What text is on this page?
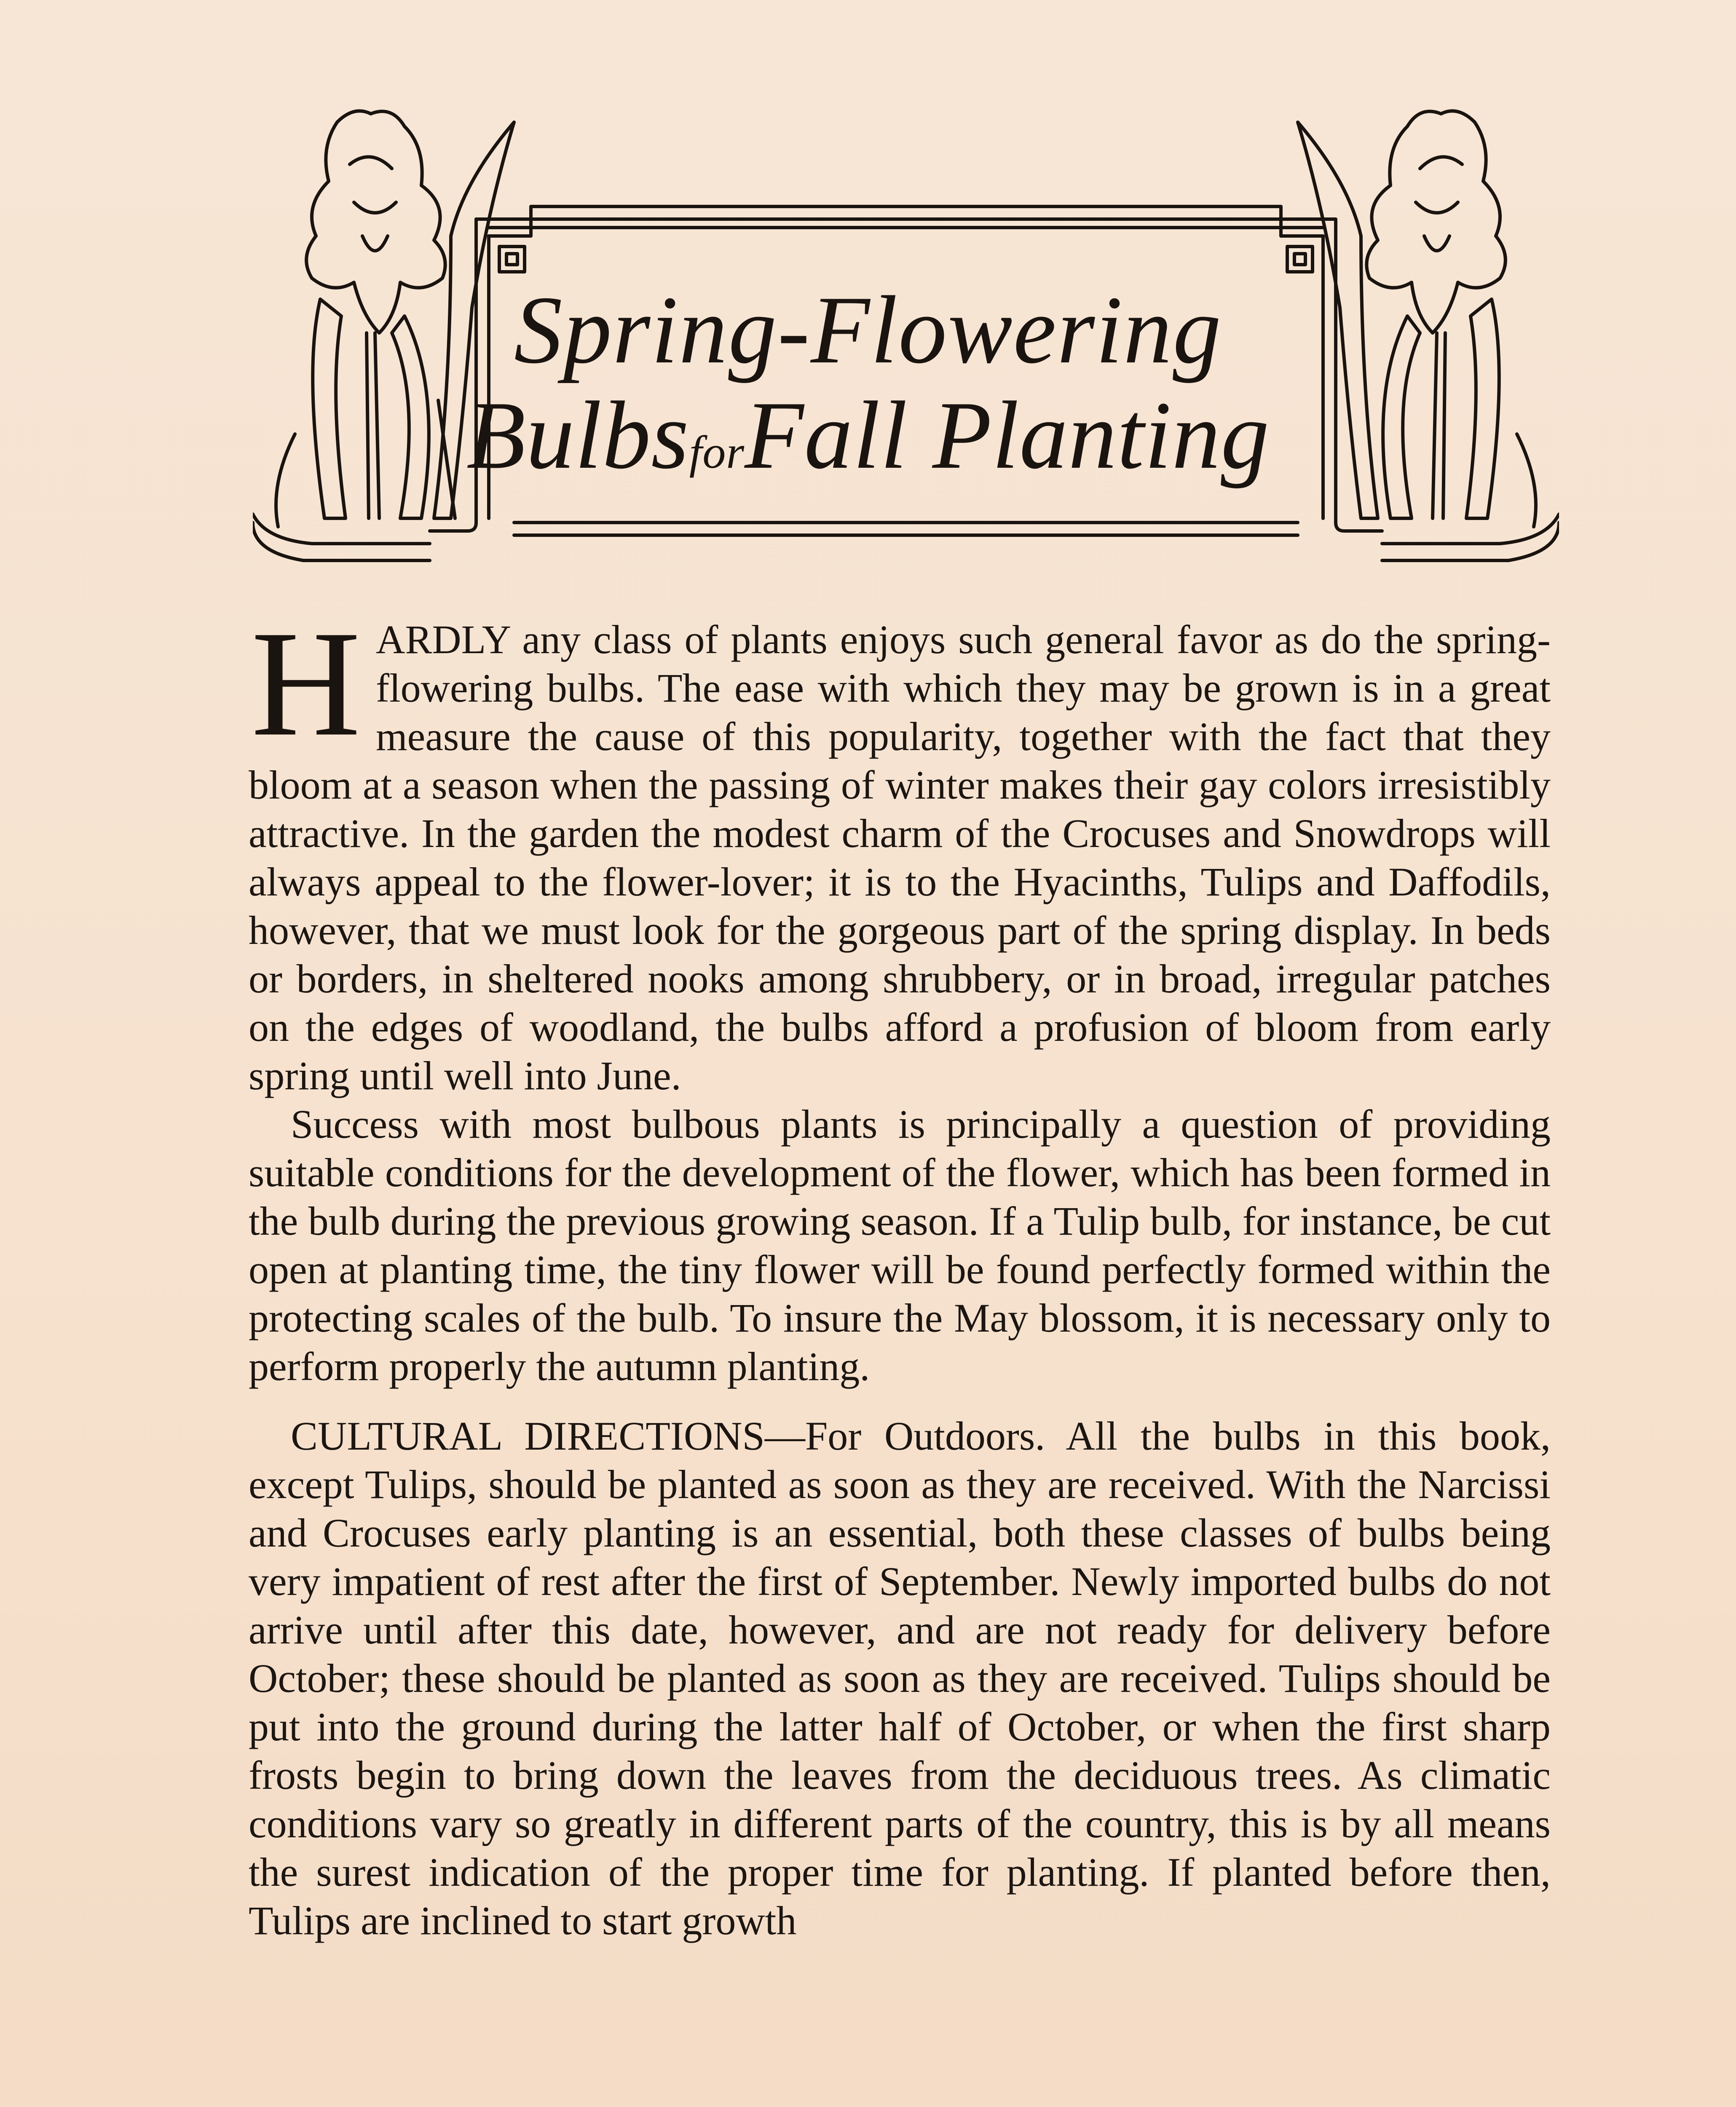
Spring-Flowering
BulbsforFall Planting

HARDLY any class of plants enjoys such general favor as do the spring-flowering bulbs. The ease with which they may be grown is in a great measure the cause of this popularity, together with the fact that they bloom at a season when the passing of winter makes their gay colors irresistibly attractive. In the garden the modest charm of the Crocuses and Snowdrops will always appeal to the flower-lover; it is to the Hyacinths, Tulips and Daffodils, however, that we must look for the gorgeous part of the spring display. In beds or borders, in sheltered nooks among shrubbery, or in broad, irregular patches on the edges of woodland, the bulbs afford a profusion of bloom from early spring until well into June.

Success with most bulbous plants is principally a question of providing suitable conditions for the development of the flower, which has been formed in the bulb during the previous growing season. If a Tulip bulb, for instance, be cut open at planting time, the tiny flower will be found perfectly formed within the protecting scales of the bulb. To insure the May blossom, it is necessary only to perform properly the autumn planting.

CULTURAL DIRECTIONS—For Outdoors. All the bulbs in this book, except Tulips, should be planted as soon as they are received. With the Narcissi and Crocuses early planting is an essential, both these classes of bulbs being very impatient of rest after the first of September. Newly imported bulbs do not arrive until after this date, however, and are not ready for delivery before October; these should be planted as soon as they are received. Tulips should be put into the ground during the latter half of October, or when the first sharp frosts begin to bring down the leaves from the deciduous trees. As climatic conditions vary so greatly in different parts of the country, this is by all means the surest indication of the proper time for planting. If planted before then, Tulips are inclined to start growth
